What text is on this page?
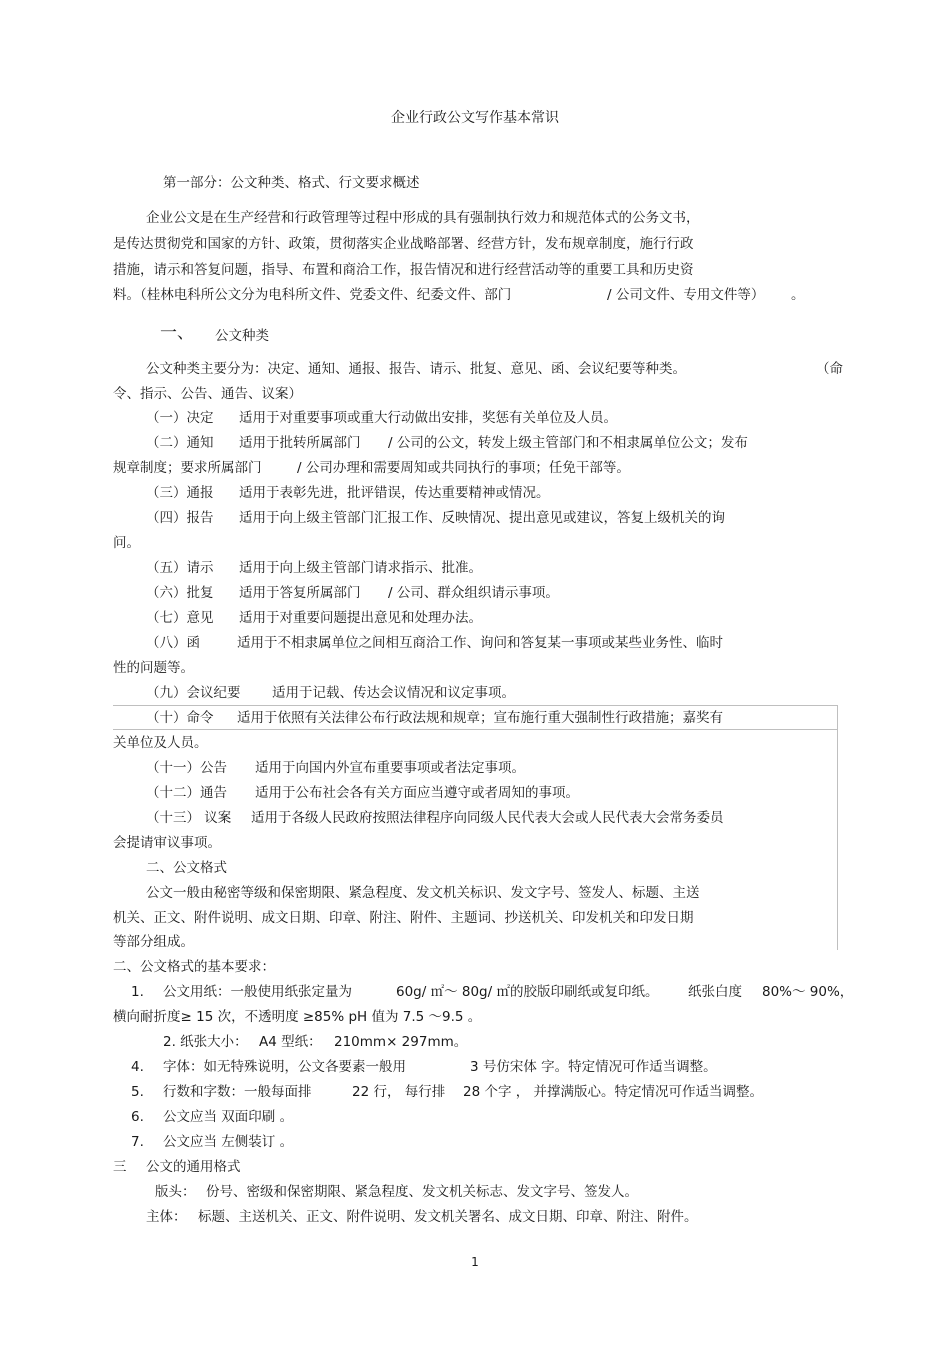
企业行政公文写作基本常识
第一部分：公文种类、格式、行文要求概述
企业公文是在生产经营和行政管理等过程中形成的具有强制执行效力和规范体式的公务文书，
是传达贯彻党和国家的方针、政策，贯彻落实企业战略部署、经营方针，发布规章制度，施行行政
措施，请示和答复问题，指导、布置和商洽工作，报告情况和进行经营活动等的重要工具和历史资
料。（桂林电科所公文分为电科所文件、党委文件、纪委文件、部门	/ 公司文件、专用文件等） 。
一、 公文种类
公文种类主要分为：决定、通知、通报、报告、请示、批复、意见、函、会议纪要等种类。	（命
令、指示、公告、通告、议案）
（一）决定 适用于对重要事项或重大行动做出安排，奖惩有关单位及人员。
（二）通知 适用于批转所属部门 / 公司的公文，转发上级主管部门和不相隶属单位公文；发布
规章制度；要求所属部门	/ 公司办理和需要周知或共同执行的事项；任免干部等。
（三）通报 适用于表彰先进，批评错误，传达重要精神或情况。
（四）报告 适用于向上级主管部门汇报工作、反映情况、提出意见或建议，答复上级机关的询
问。
（五）请示 适用于向上级主管部门请求指示、批准。
（六）批复 适用于答复所属部门 / 公司、群众组织请示事项。
（七）意见 适用于对重要问题提出意见和处理办法。
（八）函	适用于不相隶属单位之间相互商洽工作、询问和答复某一事项或某些业务性、临时
性的问题等。
（九）会议纪要 适用于记载、传达会议情况和议定事项。
（十）命令 适用于依照有关法律公布行政法规和规章；宣布施行重大强制性行政措施；嘉奖有
关单位及人员。
（十一）公告 适用于向国内外宣布重要事项或者法定事项。
（十二）通告 适用于公布社会各有关方面应当遵守或者周知的事项。
（十三） 议案 适用于各级人民政府按照法律程序向同级人民代表大会或人民代表大会常务委员
会提请审议事项。
二、公文格式
公文一般由秘密等级和保密期限、紧急程度、发文机关标识、发文字号、签发人、标题、主送
机关、正文、附件说明、成文日期、印章、附注、附件、主题词、抄送机关、印发机关和印发日期
等部分组成。
二、公文格式的基本要求：
1. 公文用纸：一般使用纸张定量为	60g/ ㎡～ 80g/ ㎡的胶版印刷纸或复印纸。 纸张白度 80%～ 90%，
横向耐折度≥ 15 次，不透明度 ≥85% pH 值为 7.5 ～9.5 。
2. 纸张大小： A4 型纸： 210mm× 297mm。
4. 字体：如无特殊说明，公文各要素一般用	3 号仿宋体 字。特定情况可作适当调整。
5. 行数和字数：一般每面排	22 行， 每行排 28 个字 ， 并撑满版心。特定情况可作适当调整。
6. 公文应当 双面印刷 。
7. 公文应当 左侧装订 。
三 公文的通用格式
版头： 份号、密级和保密期限、紧急程度、发文机关标志、发文字号、签发人。
主体： 标题、主送机关、正文、附件说明、发文机关署名、成文日期、印章、附注、附件。
1
